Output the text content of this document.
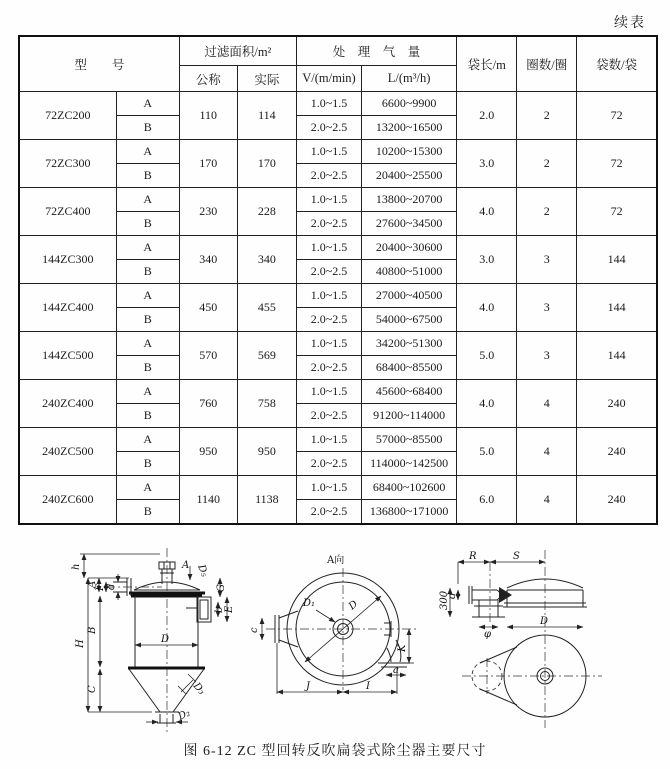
续表
型　　号		过滤面积/m²		处　理　气　量		袋长/m	圈数/圈	袋数/袋
		公称	实际	V/(m/min)	L/(m³/h)			
72ZC200	A	110	114	1.0~1.5	6600~9900	2.0	2	72
	B			2.0~2.5	13200~16500			
72ZC300	A	170	170	1.0~1.5	10200~15300	3.0	2	72
	B			2.0~2.5	20400~25500			
72ZC400	A	230	228	1.0~1.5	13800~20700	4.0	2	72
	B			2.0~2.5	27600~34500			
144ZC300	A	340	340	1.0~1.5	20400~30600	3.0	3	144
	B			2.0~2.5	40800~51000			
144ZC400	A	450	455	1.0~1.5	27000~40500	4.0	3	144
	B			2.0~2.5	54000~67500			
144ZC500	A	570	569	1.0~1.5	34200~51300	5.0	3	144
	B			2.0~2.5	68400~85500			
240ZC400	A	760	758	1.0~1.5	45600~68400	4.0	4	240
	B			2.0~2.5	91200~114000			
240ZC500	A	950	950	1.0~1.5	57000~85500	5.0	4	240
	B			2.0~2.5	114000~142500			
240ZC600	A	1140	1138	1.0~1.5	68400~102600	6.0	4	240
	B			2.0~2.5	136800~171000			
A D₅
h
A
F d
D
G
E
b
H
B
C	D₃
D₂
A向
D₁	D
c
K
a
J	I
R	S
300
d
φ
D
图 6-12 ZC 型回转反吹扁袋式除尘器主要尺寸
